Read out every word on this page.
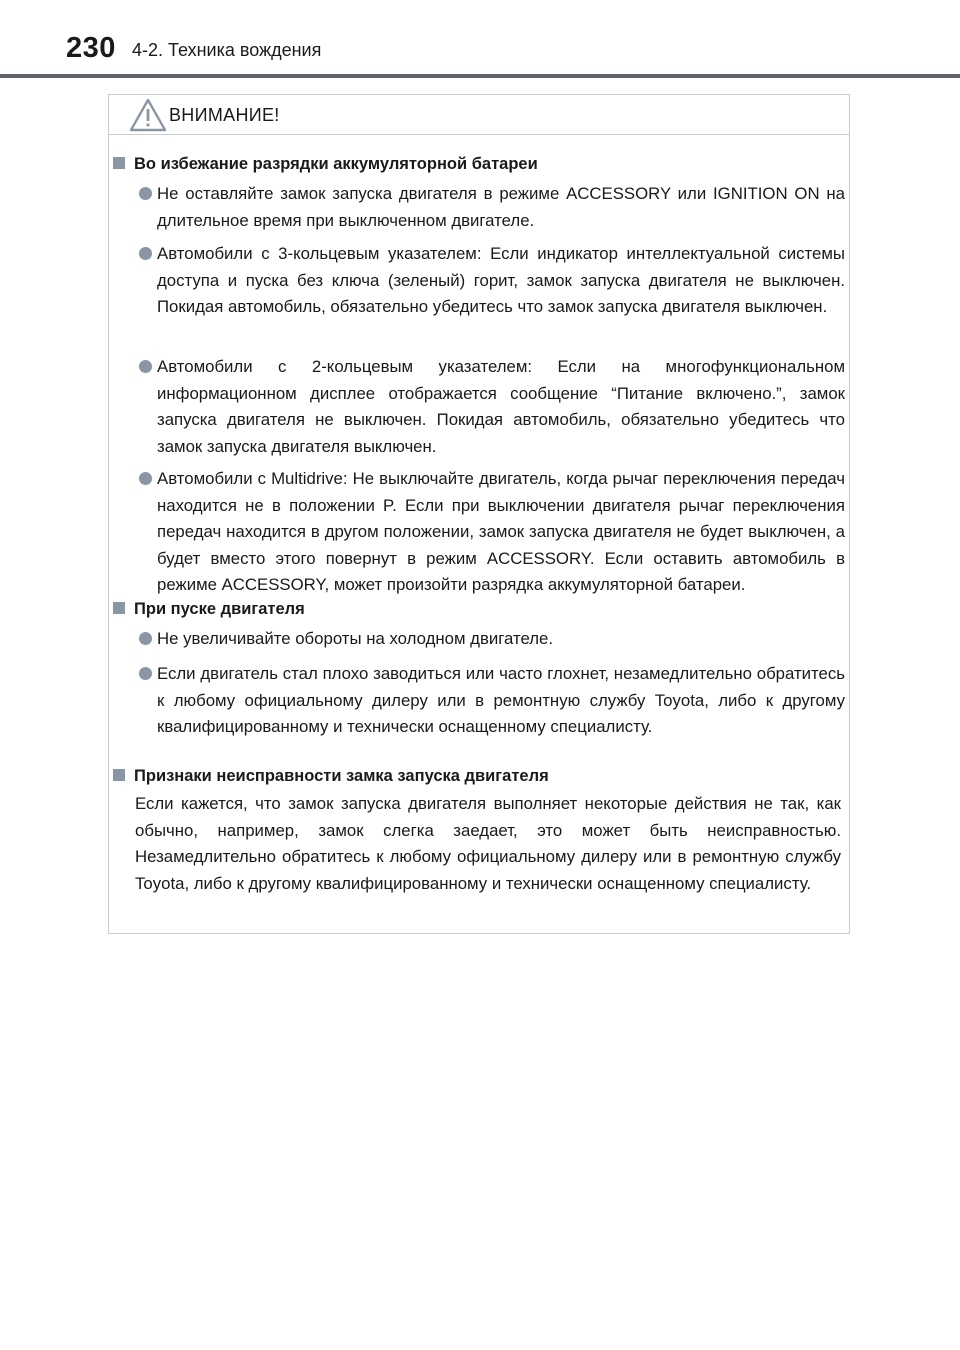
230 4-2. Техника вождения
ВНИМАНИЕ!
Во избежание разрядки аккумуляторной батареи
Не оставляйте замок запуска двигателя в режиме ACCESSORY или IGNITION ON на длительное время при выключенном двигателе.
Автомобили с 3-кольцевым указателем: Если индикатор интеллектуальной системы доступа и пуска без ключа (зеленый) горит, замок запуска двигателя не выключен. Покидая автомобиль, обязательно убедитесь что замок запуска двигателя выключен.
Автомобили с 2-кольцевым указателем: Если на многофункциональном информационном дисплее отображается сообщение “Питание включено.”, замок запуска двигателя не выключен. Покидая автомобиль, обязательно убедитесь что замок запуска двигателя выключен.
Автомобили с Multidrive: Не выключайте двигатель, когда рычаг переключения передач находится не в положении P. Если при выключении двигателя рычаг переключения передач находится в другом положении, замок запуска двигателя не будет выключен, а будет вместо этого повернут в режим ACCESSORY. Если оставить автомобиль в режиме ACCESSORY, может произойти разрядка аккумуляторной батареи.
При пуске двигателя
Не увеличивайте обороты на холодном двигателе.
Если двигатель стал плохо заводиться или часто глохнет, незамедлительно обратитесь к любому официальному дилеру или в ремонтную службу Toyota, либо к другому квалифицированному и технически оснащенному специалисту.
Признаки неисправности замка запуска двигателя
Если кажется, что замок запуска двигателя выполняет некоторые действия не так, как обычно, например, замок слегка заедает, это может быть неисправностью. Незамедлительно обратитесь к любому официальному дилеру или в ремонтную службу Toyota, либо к другому квалифицированному и технически оснащенному специалисту.
